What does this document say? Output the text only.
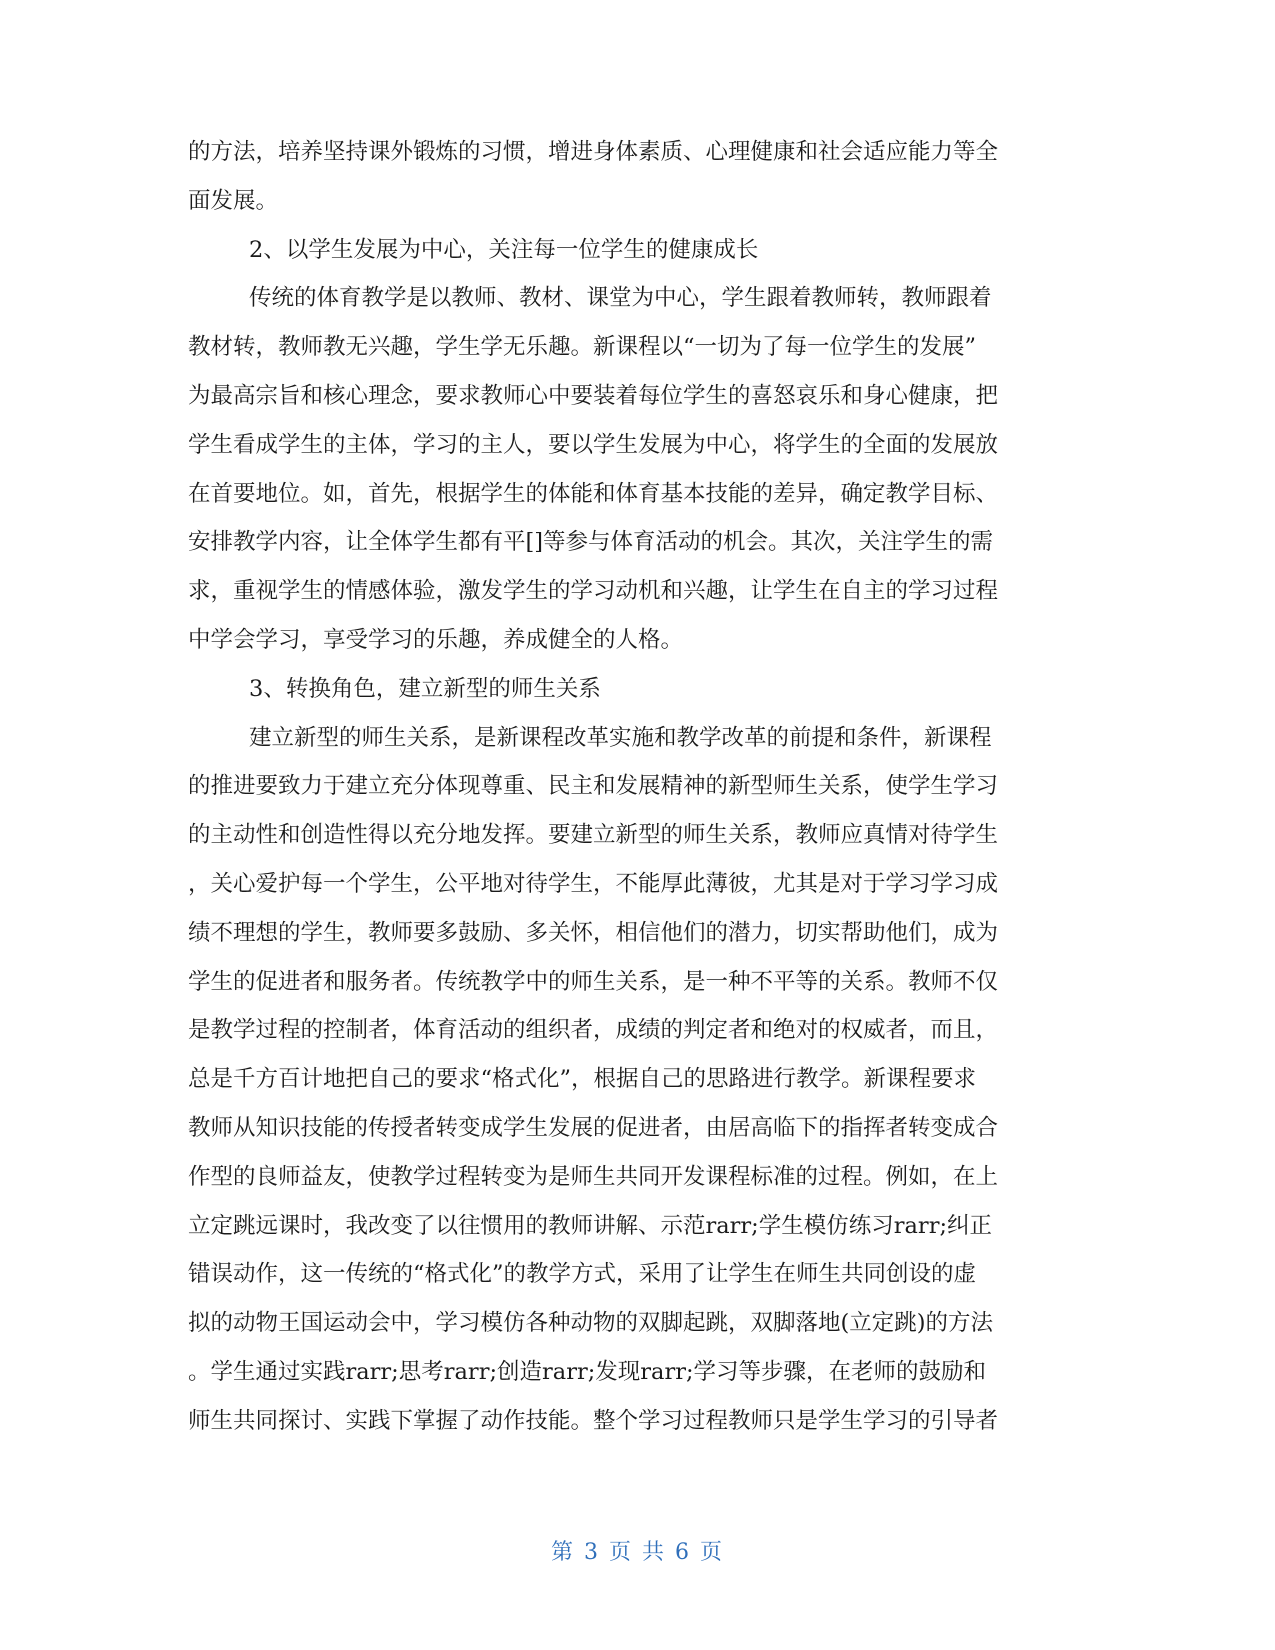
的方法，培养坚持课外锻炼的习惯，增进身体素质、心理健康和社会适应能力等全
面发展。
2、以学生发展为中心，关注每一位学生的健康成长
传统的体育教学是以教师、教材、课堂为中心，学生跟着教师转，教师跟着
教材转，教师教无兴趣，学生学无乐趣。新课程以“一切为了每一位学生的发展”
为最高宗旨和核心理念，要求教师心中要装着每位学生的喜怒哀乐和身心健康，把
学生看成学生的主体，学习的主人，要以学生发展为中心，将学生的全面的发展放
在首要地位。如，首先，根据学生的体能和体育基本技能的差异，确定教学目标、
安排教学内容，让全体学生都有平[]等参与体育活动的机会。其次，关注学生的需
求，重视学生的情感体验，激发学生的学习动机和兴趣，让学生在自主的学习过程
中学会学习，享受学习的乐趣，养成健全的人格。
3、转换角色，建立新型的师生关系
建立新型的师生关系，是新课程改革实施和教学改革的前提和条件，新课程
的推进要致力于建立充分体现尊重、民主和发展精神的新型师生关系，使学生学习
的主动性和创造性得以充分地发挥。要建立新型的师生关系，教师应真情对待学生
，关心爱护每一个学生，公平地对待学生，不能厚此薄彼，尤其是对于学习学习成
绩不理想的学生，教师要多鼓励、多关怀，相信他们的潜力，切实帮助他们，成为
学生的促进者和服务者。传统教学中的师生关系，是一种不平等的关系。教师不仅
是教学过程的控制者，体育活动的组织者，成绩的判定者和绝对的权威者，而且，
总是千方百计地把自己的要求“格式化”，根据自己的思路进行教学。新课程要求
教师从知识技能的传授者转变成学生发展的促进者，由居高临下的指挥者转变成合
作型的良师益友，使教学过程转变为是师生共同开发课程标准的过程。例如，在上
立定跳远课时，我改变了以往惯用的教师讲解、示范rarr;学生模仿练习rarr;纠正
错误动作，这一传统的“格式化”的教学方式，采用了让学生在师生共同创设的虚
拟的动物王国运动会中，学习模仿各种动物的双脚起跳，双脚落地(立定跳)的方法
。学生通过实践rarr;思考rarr;创造rarr;发现rarr;学习等步骤，在老师的鼓励和
师生共同探讨、实践下掌握了动作技能。整个学习过程教师只是学生学习的引导者
第 3 页 共 6 页
